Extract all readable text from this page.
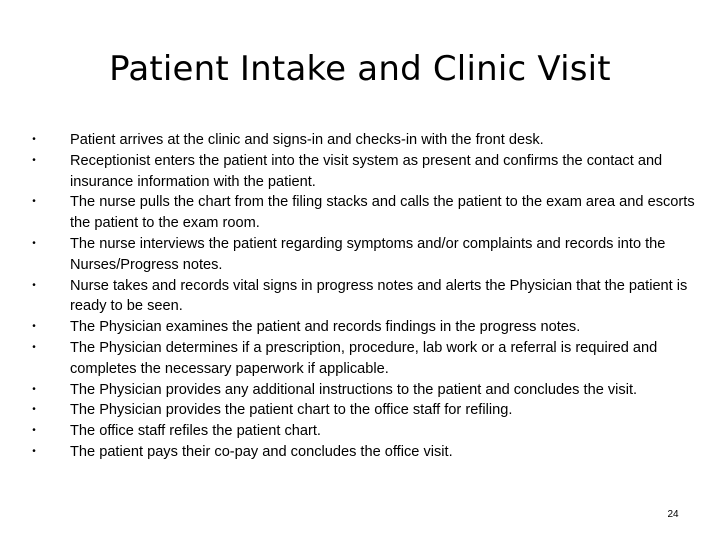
Patient Intake and Clinic Visit
• Patient arrives at the clinic and signs-in and checks-in with the front desk.
• Receptionist enters the patient into the visit system as present and confirms the contact and insurance information with the patient.
• The nurse pulls the chart from the filing stacks and calls the patient to the exam area and escorts the patient to the exam room.
• The nurse interviews the patient regarding symptoms and/or complaints and records into the Nurses/Progress notes.
• Nurse takes and records vital signs in progress notes and alerts the Physician that the patient is ready to be seen.
• The Physician examines the patient and records findings in the progress notes.
• The Physician determines if a prescription, procedure, lab work or a referral is required and completes the necessary paperwork if applicable.
• The Physician provides any additional instructions to the patient and concludes the visit.
• The Physician provides the patient chart to the office staff for refiling.
• The office staff refiles the patient chart.
• The patient pays their co-pay and concludes the office visit.
24
